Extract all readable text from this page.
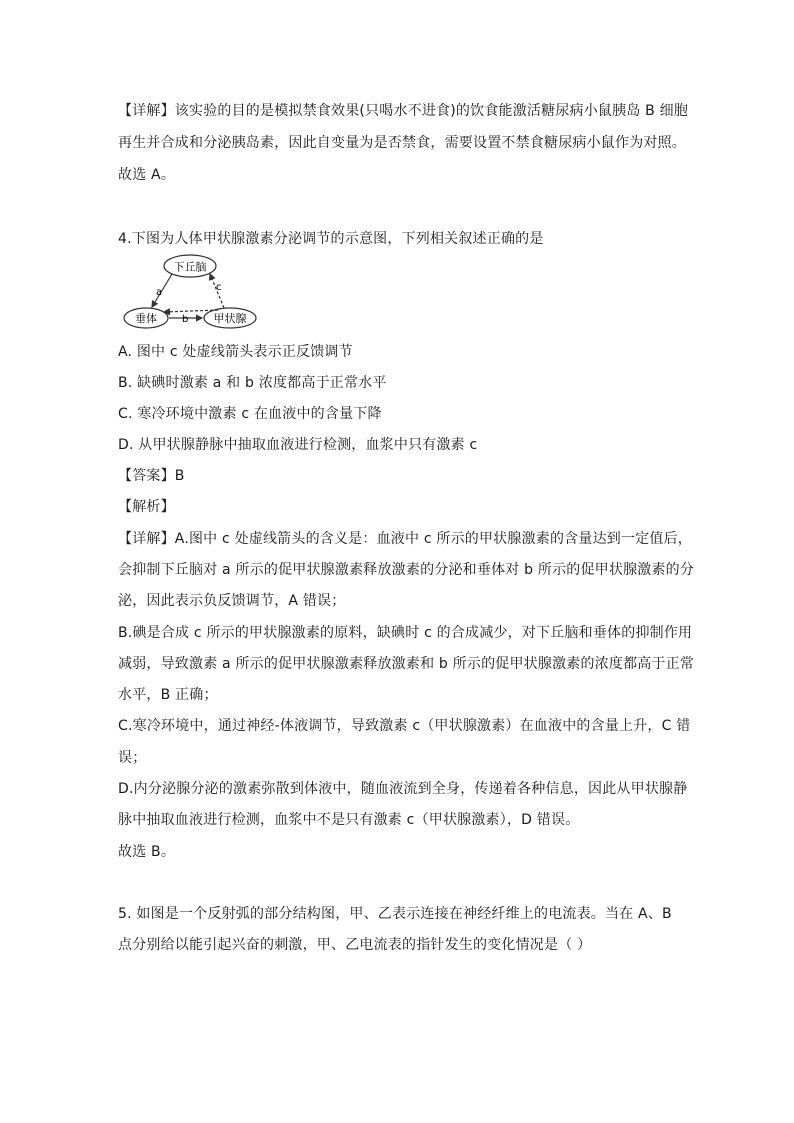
【详解】该实验的目的是模拟禁食效果(只喝水不进食)的饮食能激活糖尿病小鼠胰岛 B 细胞
再生并合成和分泌胰岛素，因此自变量为是否禁食，需要设置不禁食糖尿病小鼠作为对照。
故选 A。
4.下图为人体甲状腺激素分泌调节的示意图，下列相关叙述正确的是
下丘脑
垂体	甲状腺
a
b
c
A. 图中 c 处虚线箭头表示正反馈调节
B. 缺碘时激素 a 和 b 浓度都高于正常水平
C. 寒冷环境中激素 c 在血液中的含量下降
D. 从甲状腺静脉中抽取血液进行检测，血浆中只有激素 c
【答案】B
【解析】
【详解】A.图中 c 处虚线箭头的含义是：血液中 c 所示的甲状腺激素的含量达到一定值后，
会抑制下丘脑对 a 所示的促甲状腺激素释放激素的分泌和垂体对 b 所示的促甲状腺激素的分
泌，因此表示负反馈调节，A 错误；
B.碘是合成 c 所示的甲状腺激素的原料，缺碘时 c 的合成减少，对下丘脑和垂体的抑制作用
减弱，导致激素 a 所示的促甲状腺激素释放激素和 b 所示的促甲状腺激素的浓度都高于正常
水平，B 正确；
C.寒冷环境中，通过神经-体液调节，导致激素 c（甲状腺激素）在血液中的含量上升，C 错
误；
D.内分泌腺分泌的激素弥散到体液中，随血液流到全身，传递着各种信息，因此从甲状腺静
脉中抽取血液进行检测，血浆中不是只有激素 c（甲状腺激素），D 错误。
故选 B。
5. 如图是一个反射弧的部分结构图，甲、乙表示连接在神经纤维上的电流表。当在 A、B
点分别给以能引起兴奋的刺激，甲、乙电流表的指针发生的变化情况是（ ）
